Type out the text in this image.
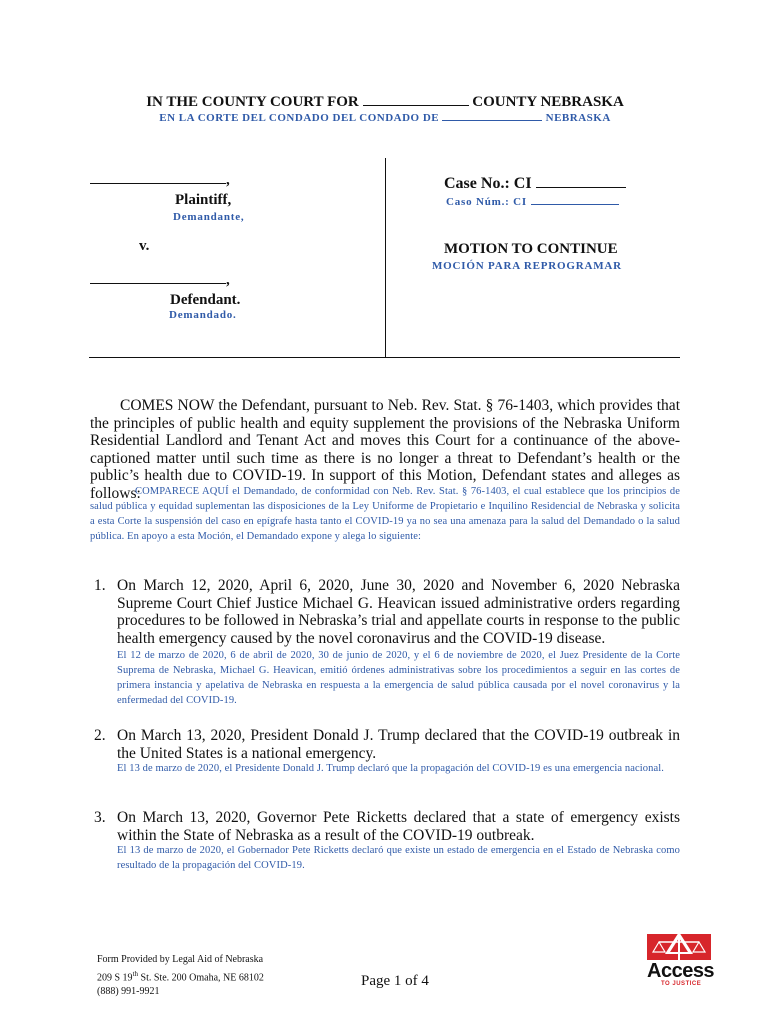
IN THE COUNTY COURT FOR	COUNTY NEBRASKA
EN LA CORTE DEL CONDADO DEL CONDADO DE	NEBRASKA
,
Plaintiff,
Demandante,
v.
,
Defendant.
Demandado.
Case No.: CI
Caso Núm.: CI
MOTION TO CONTINUE
MOCIÓN PARA REPROGRAMAR
COMES NOW the Defendant, pursuant to Neb. Rev. Stat. § 76-1403, which provides that the principles of public health and equity supplement the provisions of the Nebraska Uniform Residential Landlord and Tenant Act and moves this Court for a continuance of the above-captioned matter until such time as there is no longer a threat to Defendant’s health or the public’s health due to COVID-19. In support of this Motion, Defendant states and alleges as follows:
COMPARECE AQUÍ el Demandado, de conformidad con Neb. Rev. Stat. § 76-1403, el cual establece que los principios de salud pública y equidad suplementan las disposiciones de la Ley Uniforme de Propietario e Inquilino Residencial de Nebraska y solicita a esta Corte la suspensión del caso en epígrafe hasta tanto el COVID-19 ya no sea una amenaza para la salud del Demandado o la salud pública. En apoyo a esta Moción, el Demandado expone y alega lo siguiente:
1. On March 12, 2020, April 6, 2020, June 30, 2020 and November 6, 2020 Nebraska Supreme Court Chief Justice Michael G. Heavican issued administrative orders regarding procedures to be followed in Nebraska’s trial and appellate courts in response to the public health emergency caused by the novel coronavirus and the COVID-19 disease.
El 12 de marzo de 2020, 6 de abril de 2020, 30 de junio de 2020, y el 6 de noviembre de 2020, el Juez Presidente de la Corte Suprema de Nebraska, Michael G. Heavican, emitió órdenes administrativas sobre los procedimientos a seguir en las cortes de primera instancia y apelativa de Nebraska en respuesta a la emergencia de salud pública causada por el novel coronavirus y la enfermedad del COVID-19.
2. On March 13, 2020, President Donald J. Trump declared that the COVID-19 outbreak in the United States is a national emergency.
El 13 de marzo de 2020, el Presidente Donald J. Trump declaró que la propagación del COVID-19 es una emergencia nacional.
3. On March 13, 2020, Governor Pete Ricketts declared that a state of emergency exists within the State of Nebraska as a result of the COVID-19 outbreak.
El 13 de marzo de 2020, el Gobernador Pete Ricketts declaró que existe un estado de emergencia en el Estado de Nebraska como resultado de la propagación del COVID-19.
Form Provided by Legal Aid of Nebraska
209 S 19th St. Ste. 200 Omaha, NE 68102
(888) 991-9921
Page 1 of 4	Access
TO JUSTICE
